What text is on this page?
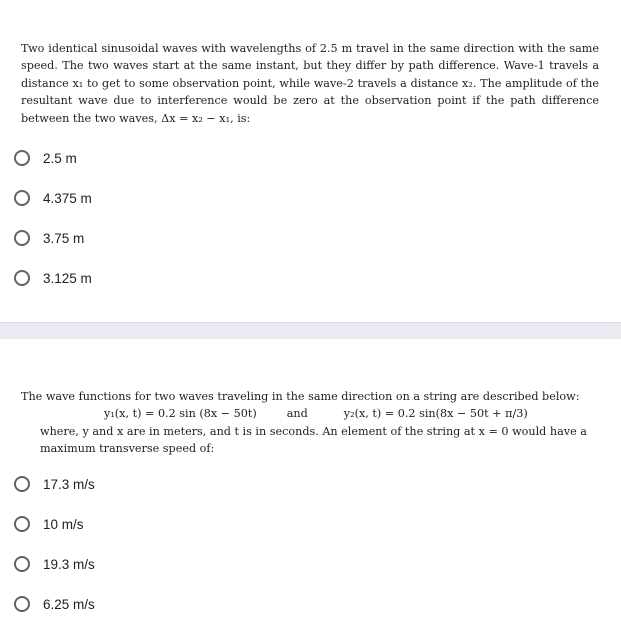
Two identical sinusoidal waves with wavelengths of 2.5 m travel in the same direction with the same speed. The two waves start at the same instant, but they differ by path difference. Wave-1 travels a distance x₁ to get to some observation point, while wave-2 travels a distance x₂. The amplitude of the resultant wave due to interference would be zero at the observation point if the path difference between the two waves, Δx = x₂ − x₁, is:

2.5 m
4.375 m
3.75 m
3.125 m

The wave functions for two waves traveling in the same direction on a string are described below:

y₁(x, t) = 0.2 sin (8x − 50t)	and	y₂(x, t) = 0.2 sin(8x − 50t + π/3)

where, y and x are in meters, and t is in seconds. An element of the string at x = 0 would have a

maximum transverse speed of:

17.3 m/s
10 m/s
19.3 m/s
6.25 m/s
